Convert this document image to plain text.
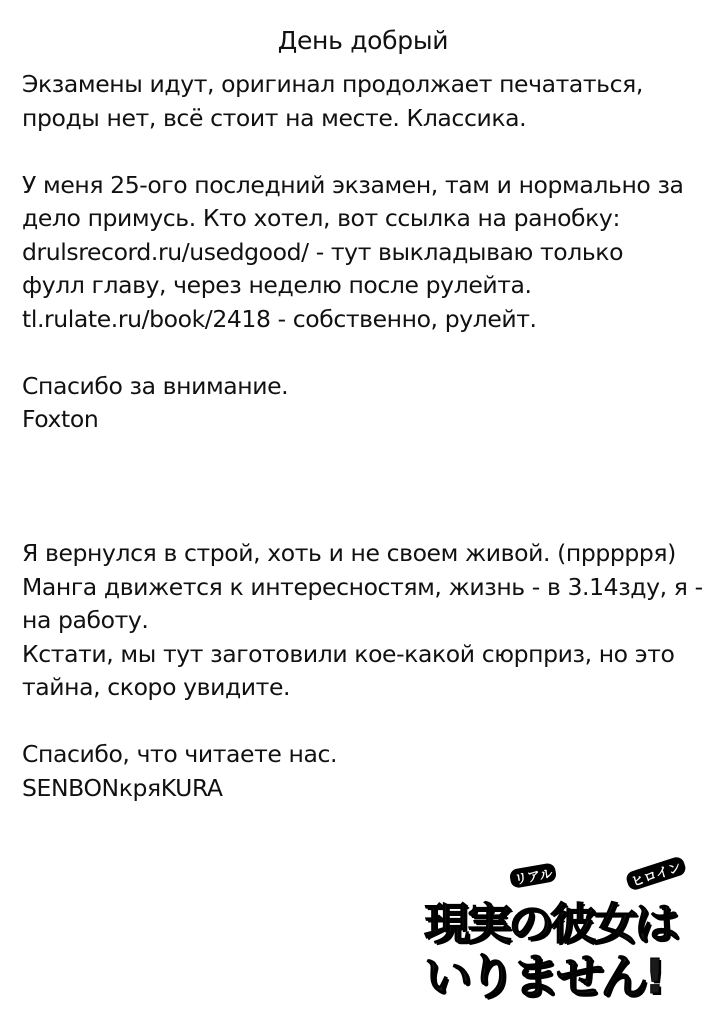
День добрый

Экзамены идут, оригинал продолжает печататься,
проды нет, всё стоит на месте. Классика.

У меня 25-ого последний экзамен, там и нормально за
дело примусь. Кто хотел, вот ссылка на ранобку:
drulsrecord.ru/usedgood/ - тут выкладываю только
фулл главу, через неделю после рулейта.
tl.rulate.ru/book/2418 - собственно, рулейт.

Спасибо за внимание.
Foxton

Я вернулся в строй, хоть и не своем живой. (пррррря)
Манга движется к интересностям, жизнь - в 3.14зду, я -
на работу.
Кстати, мы тут заготовили кое-какой сюрприз, но это
тайна, скоро увидите.

Спасибо, что читаете нас.
SENBONкряKURA

リアル	ヒロイン
現実の彼女は
いりません!
